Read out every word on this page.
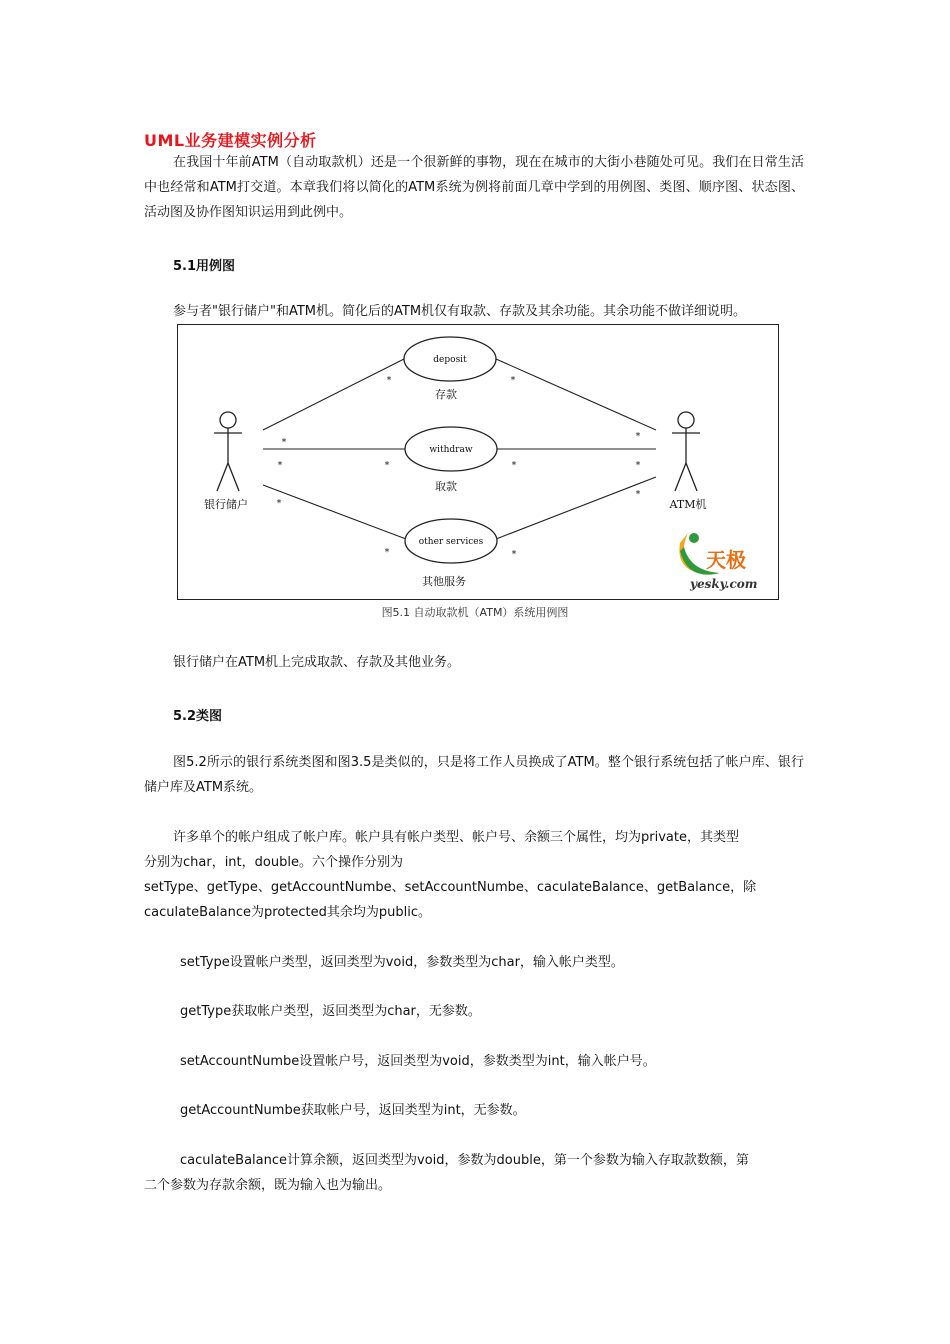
UML业务建模实例分析
在我国十年前ATM（自动取款机）还是一个很新鲜的事物，现在在城市的大街小巷随处可见。我们在日常生活中也经常和ATM打交道。本章我们将以简化的ATM系统为例将前面几章中学到的用例图、类图、顺序图、状态图、活动图及协作图知识运用到此例中。
5.1用例图
参与者"银行储户"和ATM机。简化后的ATM机仅有取款、存款及其余功能。其余功能不做详细说明。
deposit
withdraw
other services
存款
取款
其他服务
银行储户	ATM机
*	*
*
*
*	*	*	*
*
*
*	*	天极
yesky.com
图5.1 自动取款机（ATM）系统用例图
银行储户在ATM机上完成取款、存款及其他业务。
5.2类图
图5.2所示的银行系统类图和图3.5是类似的，只是将工作人员换成了ATM。整个银行系统包括了帐户库、银行储户库及ATM系统。
许多单个的帐户组成了帐户库。帐户具有帐户类型、帐户号、余额三个属性，均为private，其类型
分别为char，int，double。六个操作分别为
setType、getType、getAccountNumbe、setAccountNumbe、caculateBalance、getBalance，除
caculateBalance为protected其余均为public。
setType设置帐户类型，返回类型为void，参数类型为char，输入帐户类型。
getType获取帐户类型，返回类型为char，无参数。
setAccountNumbe设置帐户号，返回类型为void，参数类型为int，输入帐户号。
getAccountNumbe获取帐户号，返回类型为int，无参数。
caculateBalance计算余额，返回类型为void，参数为double，第一个参数为输入存取款数额，第
二个参数为存款余额，既为输入也为输出。
